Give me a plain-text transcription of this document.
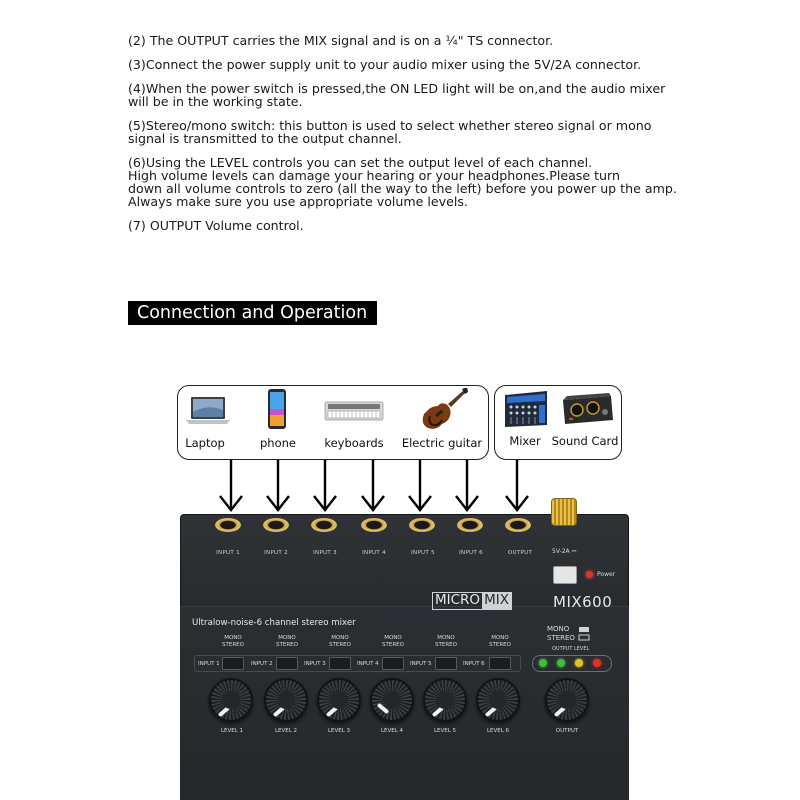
(2) The OUTPUT carries the MIX signal and is on a ¼" TS connector.
(3)Connect the power supply unit to your audio mixer using the 5V/2A connector.
(4)When the power switch is pressed,the ON LED light will be on,and the audio mixer
will be in the working state.
(5)Stereo/mono switch: this button is used to select whether stereo signal or mono
signal is transmitted to the output channel.
(6)Using the LEVEL controls you can set the output level of each channel.
High volume levels can damage your hearing or your headphones.Please turn
down all volume controls to zero (all the way to the left) before you power up the amp.
Always make sure you use appropriate volume levels.
(7) OUTPUT Volume control.
Connection and Operation
Laptop	phone keyboards Electric guitar Mixer Sound Card
INPUT 1	INPUT 2	INPUT 3	INPUT 4	INPUT 5	INPUT 6	OUTPUT	5V-2A ⎓
Power
MICRO MIX	MIX600
Ultralow-noise-6 channel stereo mixer
MONO
STEREO
MONO
STEREO
MONO
STEREO
MONO
STEREO
MONO
STEREO
MONO
STEREO
MONO
STEREO
OUTPUT LEVEL
INPUT 1	INPUT 2	INPUT 3	INPUT 4	INPUT 5	INPUT 6
LEVEL 1	LEVEL 2	LEVEL 3	LEVEL 4	LEVEL 5	LEVEL 6	OUTPUT
